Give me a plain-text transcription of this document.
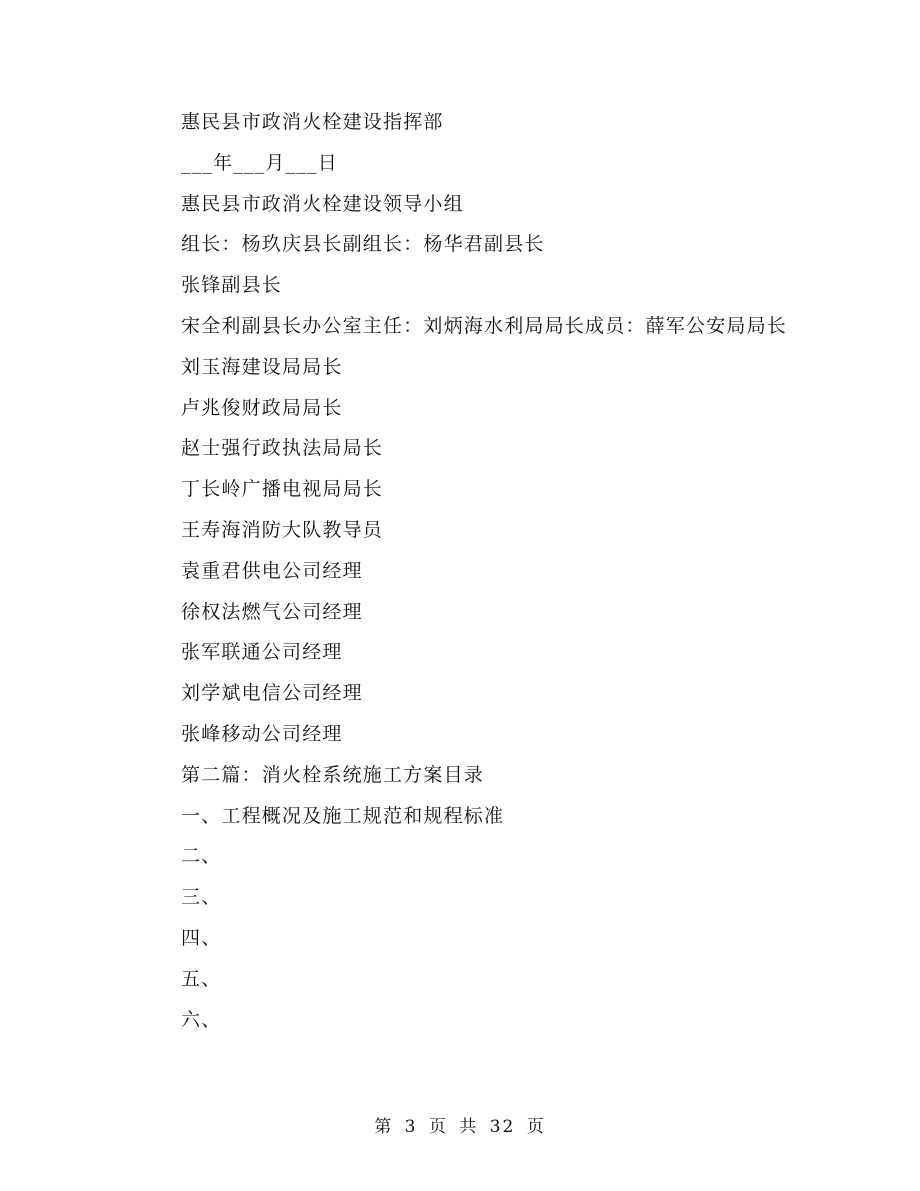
惠民县市政消火栓建设指挥部

___年___月___日

惠民县市政消火栓建设领导小组

组长：杨玖庆县长副组长：杨华君副县长

张锋副县长

宋全利副县长办公室主任：刘炳海水利局局长成员：薛军公安局局长

刘玉海建设局局长

卢兆俊财政局局长

赵士强行政执法局局长

丁长岭广播电视局局长

王寿海消防大队教导员

袁重君供电公司经理

徐权法燃气公司经理

张军联通公司经理

刘学斌电信公司经理

张峰移动公司经理

第二篇：消火栓系统施工方案目录

一、工程概况及施工规范和规程标准

二、

三、

四、

五、

六、

第 3 页 共 32 页
